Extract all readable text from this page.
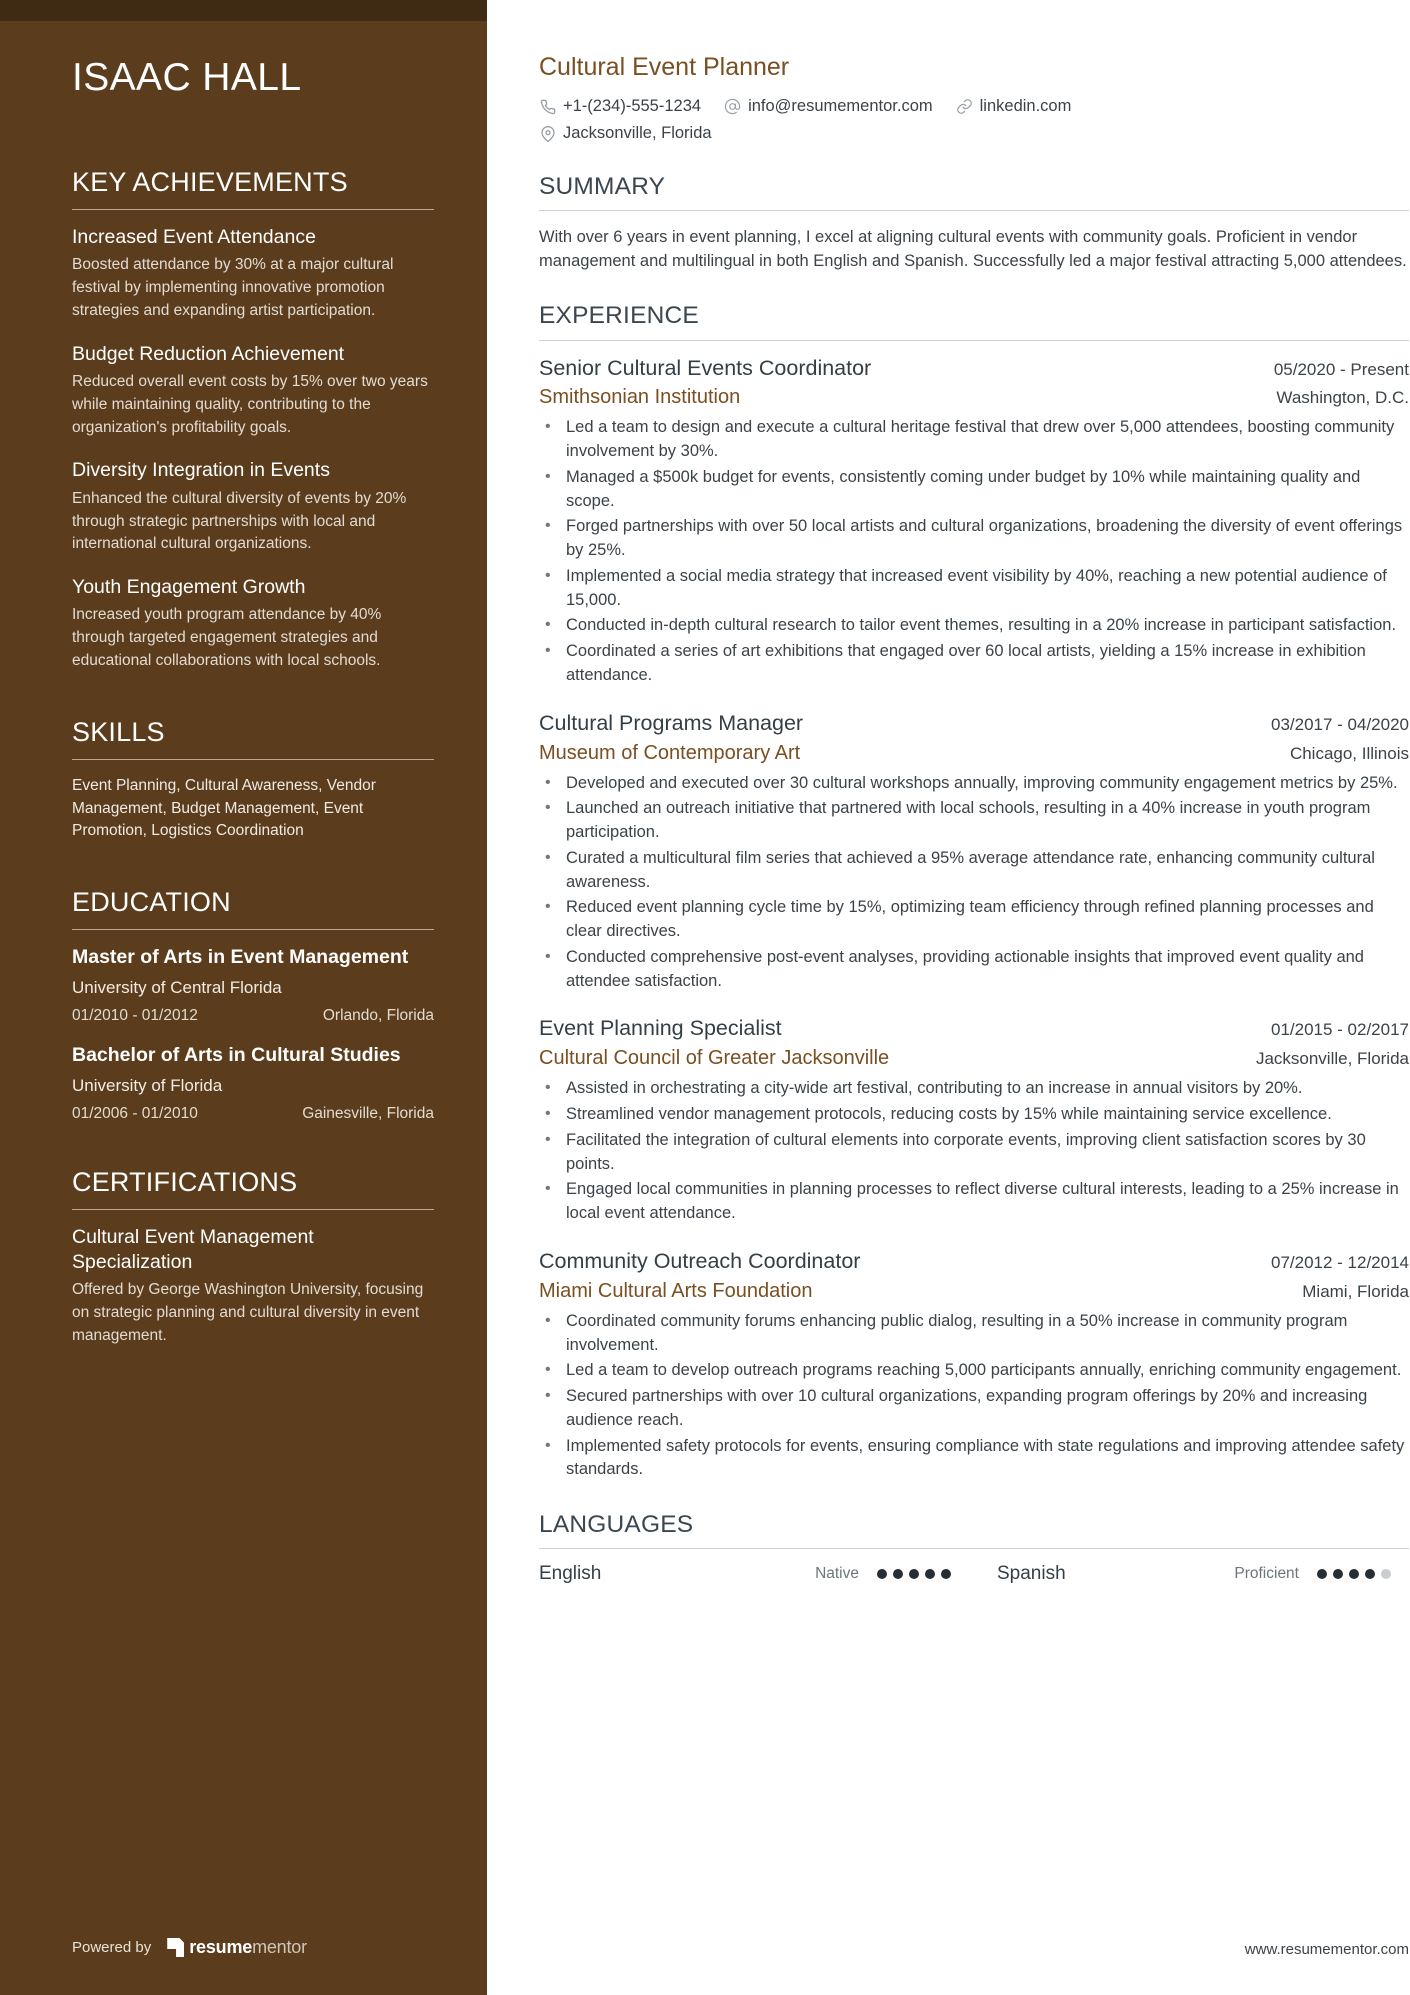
ISAAC HALL
KEY ACHIEVEMENTS
Increased Event Attendance
Boosted attendance by 30% at a major cultural festival by implementing innovative promotion strategies and expanding artist participation.
Budget Reduction Achievement
Reduced overall event costs by 15% over two years while maintaining quality, contributing to the organization's profitability goals.
Diversity Integration in Events
Enhanced the cultural diversity of events by 20% through strategic partnerships with local and international cultural organizations.
Youth Engagement Growth
Increased youth program attendance by 40% through targeted engagement strategies and educational collaborations with local schools.
SKILLS
Event Planning, Cultural Awareness, Vendor Management, Budget Management, Event Promotion, Logistics Coordination
EDUCATION
Master of Arts in Event Management
University of Central Florida
01/2010 - 01/2012	Orlando, Florida
Bachelor of Arts in Cultural Studies
University of Florida
01/2006 - 01/2010	Gainesville, Florida
CERTIFICATIONS
Cultural Event Management Specialization
Offered by George Washington University, focusing on strategic planning and cultural diversity in event management.
Powered by resumementor
Cultural Event Planner
+1-(234)-555-1234	info@resumementor.com	linkedin.com
Jacksonville, Florida
SUMMARY

With over 6 years in event planning, I excel at aligning cultural events with community goals. Proficient in vendor management and multilingual in both English and Spanish. Successfully led a major festival attracting 5,000 attendees.

EXPERIENCE
Senior Cultural Events Coordinator	05/2020 - Present
Smithsonian Institution	Washington, D.C.
• Led a team to design and execute a cultural heritage festival that drew over 5,000 attendees, boosting community involvement by 30%.
• Managed a $500k budget for events, consistently coming under budget by 10% while maintaining quality and scope.
• Forged partnerships with over 50 local artists and cultural organizations, broadening the diversity of event offerings by 25%.
• Implemented a social media strategy that increased event visibility by 40%, reaching a new potential audience of 15,000.
• Conducted in-depth cultural research to tailor event themes, resulting in a 20% increase in participant satisfaction.
• Coordinated a series of art exhibitions that engaged over 60 local artists, yielding a 15% increase in exhibition attendance.
Cultural Programs Manager	03/2017 - 04/2020
Museum of Contemporary Art	Chicago, Illinois
• Developed and executed over 30 cultural workshops annually, improving community engagement metrics by 25%.
• Launched an outreach initiative that partnered with local schools, resulting in a 40% increase in youth program participation.
• Curated a multicultural film series that achieved a 95% average attendance rate, enhancing community cultural awareness.
• Reduced event planning cycle time by 15%, optimizing team efficiency through refined planning processes and clear directives.
• Conducted comprehensive post-event analyses, providing actionable insights that improved event quality and attendee satisfaction.
Event Planning Specialist	01/2015 - 02/2017
Cultural Council of Greater Jacksonville	Jacksonville, Florida
• Assisted in orchestrating a city-wide art festival, contributing to an increase in annual visitors by 20%.
• Streamlined vendor management protocols, reducing costs by 15% while maintaining service excellence.
• Facilitated the integration of cultural elements into corporate events, improving client satisfaction scores by 30 points.
• Engaged local communities in planning processes to reflect diverse cultural interests, leading to a 25% increase in local event attendance.
Community Outreach Coordinator	07/2012 - 12/2014
Miami Cultural Arts Foundation	Miami, Florida
• Coordinated community forums enhancing public dialog, resulting in a 50% increase in community program involvement.
• Led a team to develop outreach programs reaching 5,000 participants annually, enriching community engagement.
• Secured partnerships with over 10 cultural organizations, expanding program offerings by 20% and increasing audience reach.
• Implemented safety protocols for events, ensuring compliance with state regulations and improving attendee safety standards.
LANGUAGES
English	Native	Spanish	Proficient
www.resumementor.com
